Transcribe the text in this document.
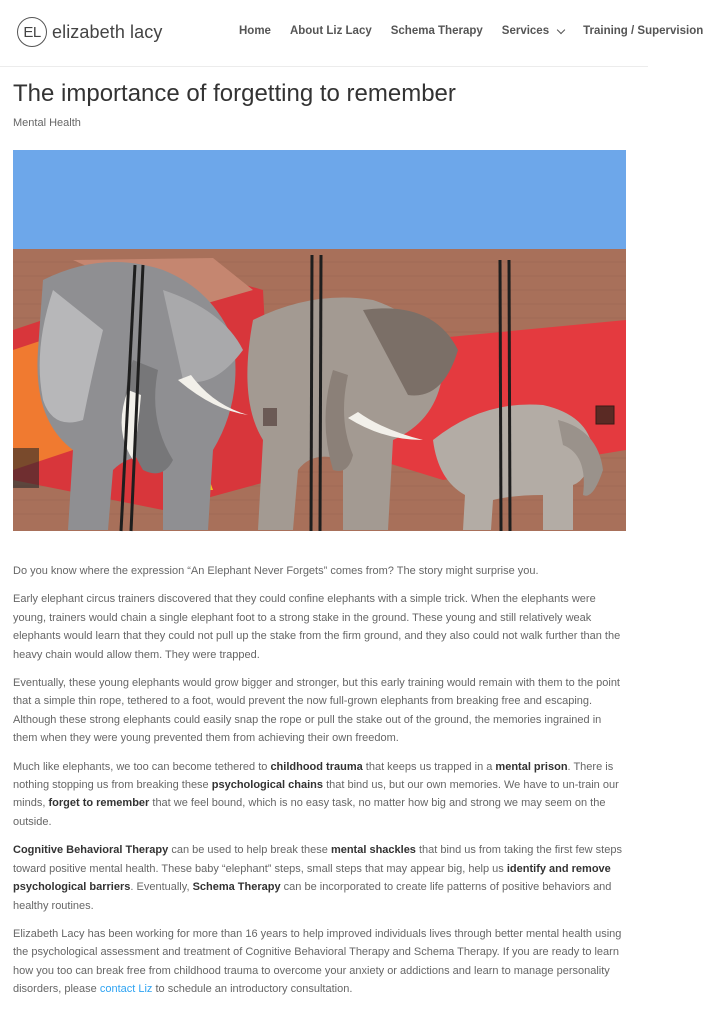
EL elizabeth lacy	Home About Liz Lacy Schema Therapy Services	Training / Supervision
The importance of forgetting to remember
Mental Health

Do you know where the expression “An Elephant Never Forgets” comes from? The story might surprise you.

Early elephant circus trainers discovered that they could confine elephants with a simple trick. When the elephants were young, trainers would chain a single elephant foot to a strong stake in the ground. These young and still relatively weak elephants would learn that they could not pull up the stake from the firm ground, and they also could not walk further than the heavy chain would allow them. They were trapped.

Eventually, these young elephants would grow bigger and stronger, but this early training would remain with them to the point that a simple thin rope, tethered to a foot, would prevent the now full-grown elephants from breaking free and escaping. Although these strong elephants could easily snap the rope or pull the stake out of the ground, the memories ingrained in them when they were young prevented them from achieving their own freedom.

Much like elephants, we too can become tethered to childhood trauma that keeps us trapped in a mental prison. There is nothing stopping us from breaking these psychological chains that bind us, but our own memories. We have to un-train our minds, forget to remember that we feel bound, which is no easy task, no matter how big and strong we may seem on the outside.

Cognitive Behavioral Therapy can be used to help break these mental shackles that bind us from taking the first few steps toward positive mental health. These baby “elephant” steps, small steps that may appear big, help us identify and remove psychological barriers. Eventually, Schema Therapy can be incorporated to create life patterns of positive behaviors and healthy routines.

Elizabeth Lacy has been working for more than 16 years to help improved individuals lives through better mental health using the psychological assessment and treatment of Cognitive Behavioral Therapy and Schema Therapy. If you are ready to learn how you too can break free from childhood trauma to overcome your anxiety or addictions and learn to manage personality disorders, please contact Liz to schedule an introductory consultation.
